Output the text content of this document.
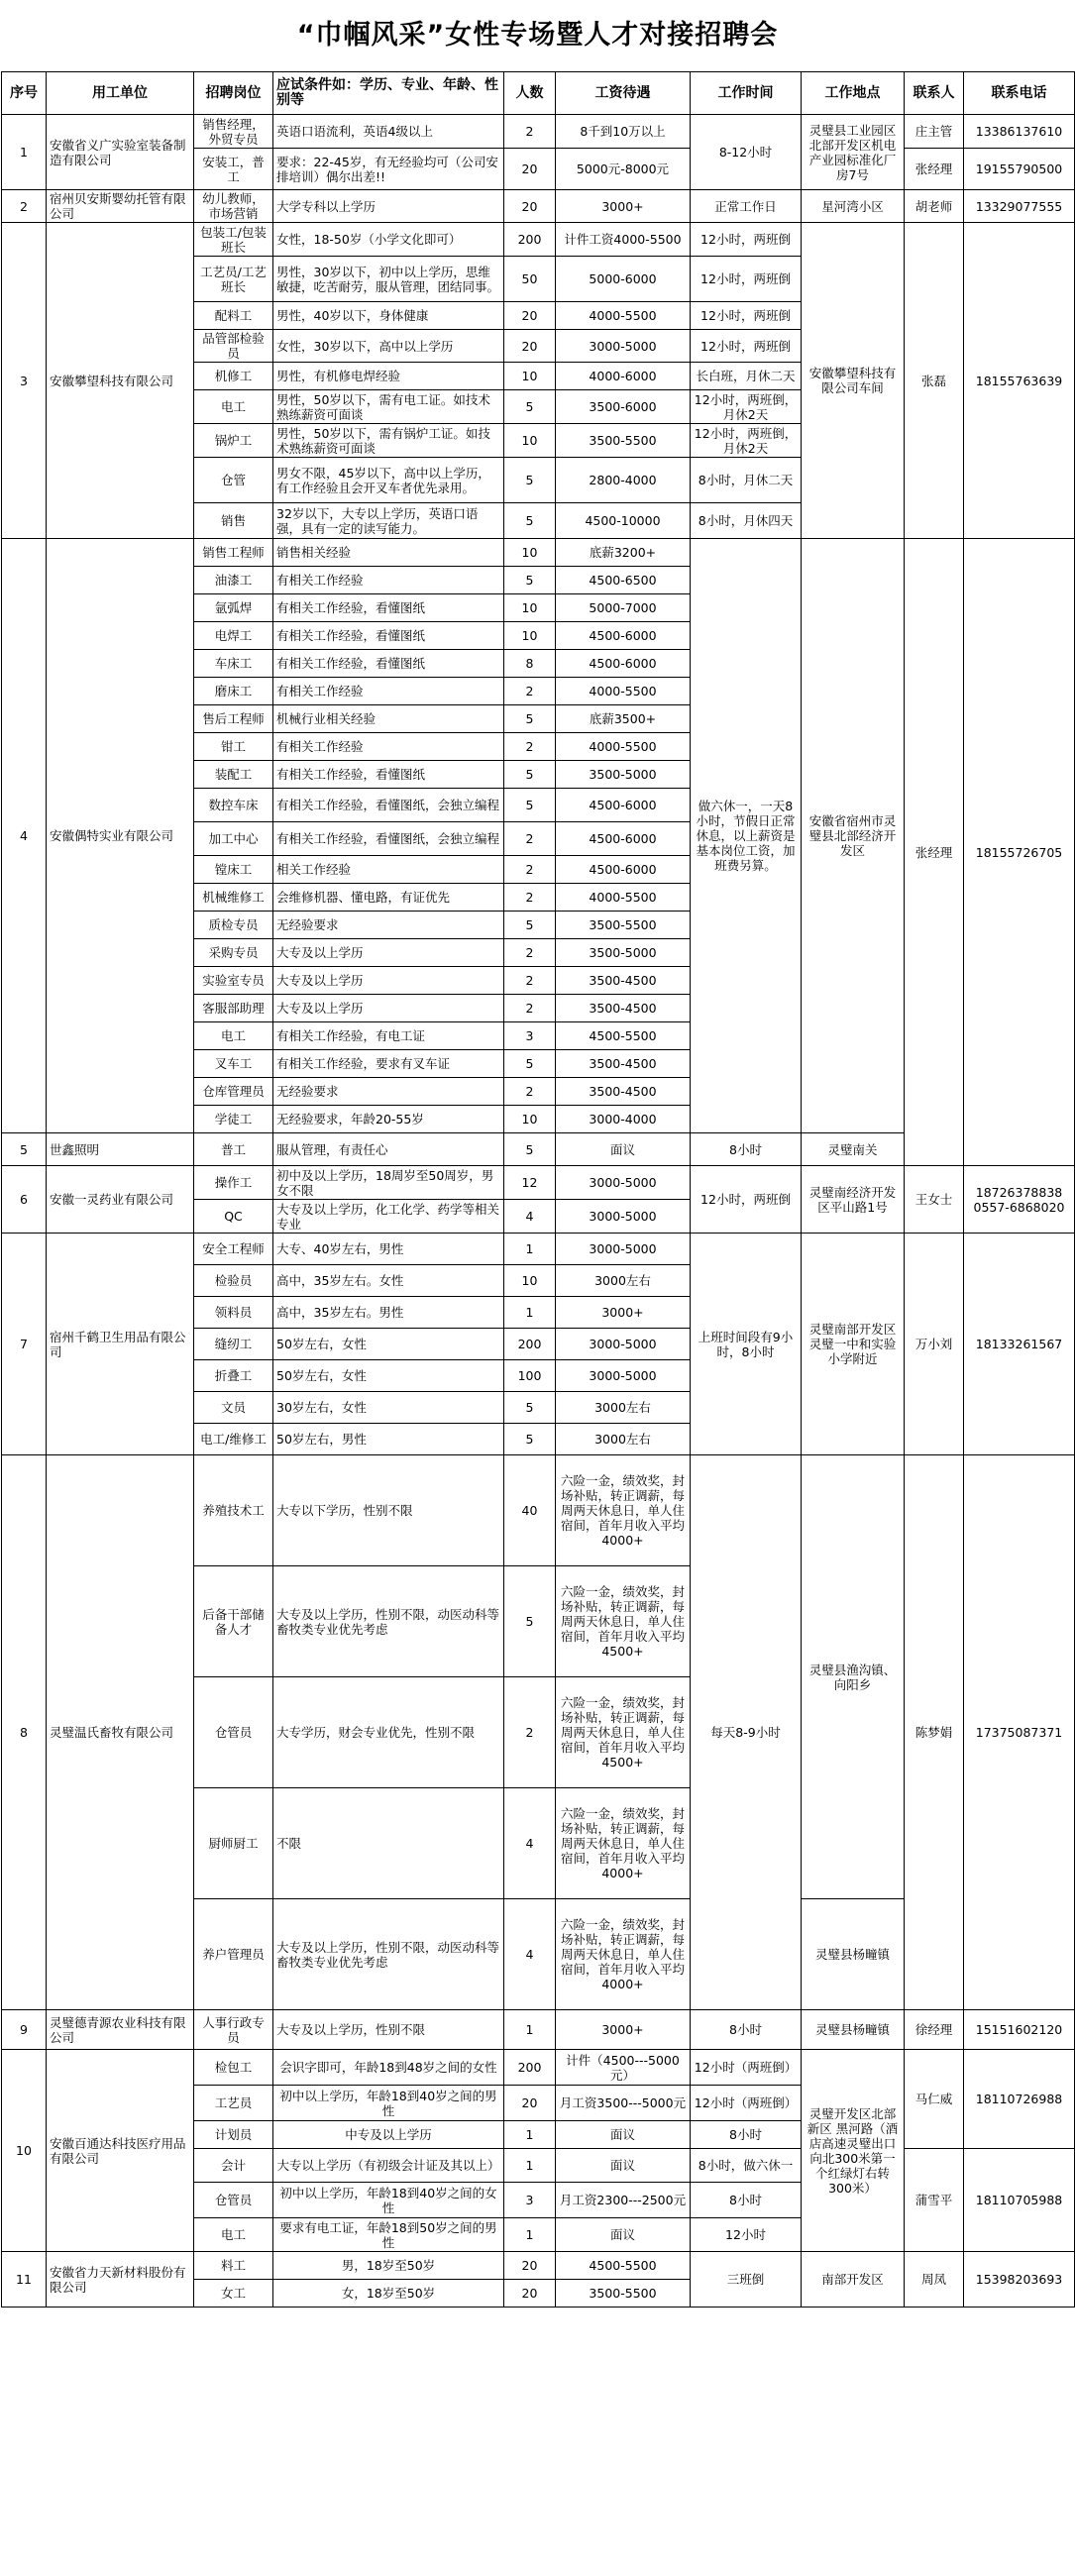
“巾帼风采”女性专场暨人才对接招聘会
序号	用工单位	招聘岗位	应试条件如：学历、专业、年龄、性别等	人数	工资待遇	工作时间	工作地点	联系人	联系电话	
1	安徽省义广实验室装备制造有限公司	销售经理，外贸专员	英语口语流利，英语4级以上	2	8千到10万以上	8-12小时	灵璧县工业园区北部开发区机电产业园标准化厂房7号	庄主管	13386137610	
		安装工，普工	要求：22-45岁，有无经验均可（公司安排培训）偶尔出差!!	20	5000元-8000元			张经理	19155790500	
2	宿州贝安斯婴幼托管有限公司	幼儿教师，市场营销	大学专科以上学历	20	3000+	正常工作日	星河湾小区	胡老师	13329077555	
3	安徽攀望科技有限公司	包装工/包装班长	女性，18-50岁（小学文化即可）	200	计件工资4000-5500	12小时，两班倒	安徽攀望科技有限公司车间	张磊	18155763639	
		工艺员/工艺班长	男性，30岁以下，初中以上学历，思维敏捷，吃苦耐劳，服从管理，团结同事。	50	5000-6000	12小时，两班倒				
		配料工	男性，40岁以下，身体健康	20	4000-5500	12小时，两班倒				
		品管部检验员	女性，30岁以下，高中以上学历	20	3000-5000	12小时，两班倒				
		机修工	男性，有机修电焊经验	10	4000-6000	长白班，月休二天				
		电工	男性，50岁以下，需有电工证。如技术熟练薪资可面谈	5	3500-6000	12小时，两班倒，月休2天				
		锅炉工	男性，50岁以下，需有锅炉工证。如技术熟练薪资可面谈	10	3500-5500	12小时，两班倒，月休2天				
		仓管	男女不限，45岁以下，高中以上学历，有工作经验且会开叉车者优先录用。	5	2800-4000	8小时，月休二天				
		销售	32岁以下，大专以上学历，英语口语强，具有一定的读写能力。	5	4500-10000	8小时，月休四天				
4	安徽偶特实业有限公司	销售工程师	销售相关经验	10	底薪3200+	做六休一，一天8小时，节假日正常休息，以上薪资是基本岗位工资，加班费另算。	安徽省宿州市灵璧县北部经济开发区	张经理	18155726705	
		油漆工	有相关工作经验	5	4500-6500					
		氩弧焊	有相关工作经验，看懂图纸	10	5000-7000					
		电焊工	有相关工作经验，看懂图纸	10	4500-6000					
		车床工	有相关工作经验，看懂图纸	8	4500-6000					
		磨床工	有相关工作经验	2	4000-5500					
		售后工程师	机械行业相关经验	5	底薪3500+					
		钳工	有相关工作经验	2	4000-5500					
		装配工	有相关工作经验，看懂图纸	5	3500-5000					
		数控车床	有相关工作经验，看懂图纸，会独立编程	5	4500-6000					
		加工中心	有相关工作经验，看懂图纸，会独立编程	2	4500-6000					
		镗床工	相关工作经验	2	4500-6000					
		机械维修工	会维修机器、懂电路，有证优先	2	4000-5500					
		质检专员	无经验要求	5	3500-5500					
		采购专员	大专及以上学历	2	3500-5000					
		实验室专员	大专及以上学历	2	3500-4500					
		客服部助理	大专及以上学历	2	3500-4500					
		电工	有相关工作经验，有电工证	3	4500-5500					
		叉车工	有相关工作经验，要求有叉车证	5	3500-4500					
		仓库管理员	无经验要求	2	3500-4500					
		学徒工	无经验要求，年龄20-55岁	10	3000-4000					
5	世鑫照明	普工	服从管理，有责任心	5	面议	8小时	灵璧南关		
6	安徽一灵药业有限公司	操作工	初中及以上学历，18周岁至50周岁，男女不限	12	3000-5000	12小时，两班倒	灵璧南经济开发区平山路1号	王女士	18726378838 0557-6868020	
		QC	大专及以上学历，化工化学、药学等相关专业	4	3000-5000					
7	宿州千鹤卫生用品有限公司	安全工程师	大专、40岁左右，男性	1	3000-5000	上班时间段有9小时，8小时	灵璧南部开发区 灵璧一中和实验小学附近	万小刘	18133261567	
		检验员	高中，35岁左右。女性	10	3000左右					
		领料员	高中，35岁左右。男性	1	3000+					
		缝纫工	50岁左右，女性	200	3000-5000					
		折叠工	50岁左右，女性	100	3000-5000					
		文员	30岁左右，女性	5	3000左右					
		电工/维修工	50岁左右，男性	5	3000左右					
8	灵璧温氏畜牧有限公司	养殖技术工	大专以下学历，性别不限	40	六险一金，绩效奖，封场补贴，转正调薪，每周两天休息日，单人住宿间，首年月收入平均4000+	每天8-9小时	灵璧县渔沟镇、向阳乡	陈梦娟	17375087371	
		后备干部储备人才	大专及以上学历，性别不限，动医动科等畜牧类专业优先考虑	5	六险一金，绩效奖，封场补贴，转正调薪，每周两天休息日，单人住宿间，首年月收入平均4500+					
		仓管员	大专学历，财会专业优先，性别不限	2	六险一金，绩效奖，封场补贴，转正调薪，每周两天休息日，单人住宿间，首年月收入平均4500+					
		厨师厨工	不限	4	六险一金，绩效奖，封场补贴，转正调薪，每周两天休息日，单人住宿间，首年月收入平均4000+					
		养户管理员	大专及以上学历，性别不限，动医动科等畜牧类专业优先考虑	4	六险一金，绩效奖，封场补贴，转正调薪，每周两天休息日，单人住宿间，首年月收入平均4000+		灵璧县杨疃镇			
9	灵璧德青源农业科技有限公司	人事行政专员	大专及以上学历，性别不限	1	3000+	8小时	灵璧县杨疃镇	徐经理	15151602120	
10	安徽百通达科技医疗用品有限公司	检包工	会识字即可，年龄18到48岁之间的女性	200	计件（4500---5000元）	12小时（两班倒）	灵璧开发区北部新区 黑河路（酒店高速灵璧出口向北300米第一个红绿灯右转300米）	马仁威	18110726988	
		工艺员	初中以上学历，年龄18到40岁之间的男性	20	月工资3500---5000元	12小时（两班倒）				
		计划员	中专及以上学历	1	面议	8小时				
		会计	大专以上学历（有初级会计证及其以上）	1	面议	8小时，做六休一		蒲雪平	18110705988	
		仓管员	初中以上学历，年龄18到40岁之间的女性	3	月工资2300---2500元	8小时				
		电工	要求有电工证，年龄18到50岁之间的男性	1	面议	12小时				
11	安徽省力天新材料股份有限公司	料工	男，18岁至50岁	20	4500-5500	三班倒	南部开发区	周凤	15398203693	
		女工	女，18岁至50岁	20	3500-5500					
